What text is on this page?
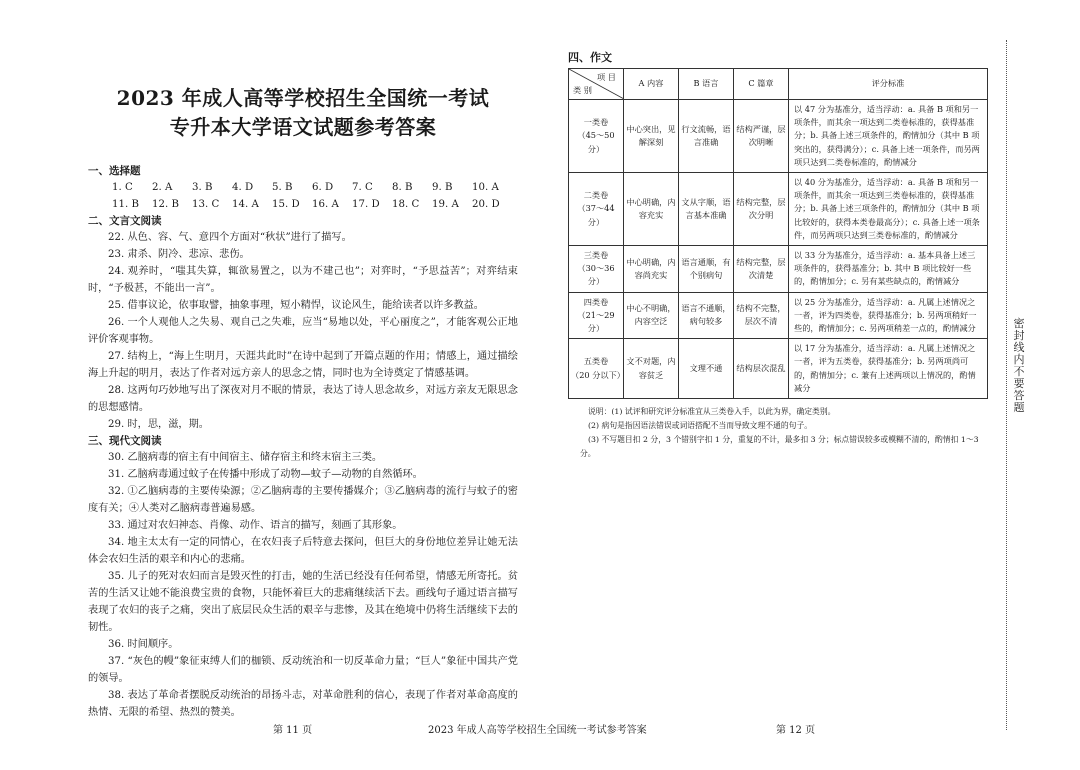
2023 年成人高等学校招生全国统一考试
专升本大学语文试题参考答案
一、选择题
1. C	2. A	3. B	4. D	5. B	6. D	7. C	8. B	9. B	10. A
11. B	12. B	13. C	14. A	15. D	16. A	17. D	18. C	19. A	20. D
二、文言文阅读

22. 从色、容、气、意四个方面对“秋状”进行了描写。

23. 肃杀、阴冷、悲凉、悲伤。

24. 观养时，“嗤其失算，辄欲易置之，以为不建己也”；对弈时，“予思益苦”；对弈结束时，“予极甚，不能出一言”。

25. 借事议论，依事取譬，抽象事理，短小精悍，议论风生，能给读者以许多教益。

26. 一个人观他人之失易、观自己之失难，应当“易地以处，平心丽度之”，才能客观公正地评价客观事物。

27. 结构上，“海上生明月，天涯共此时”在诗中起到了开篇点题的作用；情感上，通过描绘海上升起的明月，表达了作者对远方亲人的思念之情，同时也为全诗奠定了情感基调。

28. 这两句巧妙地写出了深夜对月不眠的情景，表达了诗人思念故乡，对远方亲友无限思念的思想感情。

29. 时，思，滋，期。

三、现代文阅读

30. 乙脑病毒的宿主有中间宿主、储存宿主和终末宿主三类。

31. 乙脑病毒通过蚊子在传播中形成了动物—蚊子—动物的自然循环。

32. ①乙脑病毒的主要传染源；②乙脑病毒的主要传播媒介；③乙脑病毒的流行与蚊子的密度有关；④人类对乙脑病毒普遍易感。

33. 通过对农妇神态、肖像、动作、语言的描写，刻画了其形象。

34. 地主太太有一定的同情心，在农妇丧子后特意去探问，但巨大的身份地位差异让她无法体会农妇生活的艰辛和内心的悲痛。

35. 儿子的死对农妇而言是毁灭性的打击，她的生活已经没有任何希望，情感无所寄托。贫苦的生活又让她不能浪费宝贵的食物，只能怀着巨大的悲痛继续活下去。画线句子通过语言描写表现了农妇的丧子之痛，突出了底层民众生活的艰辛与悲惨，及其在绝境中仍将生活继续下去的韧性。

36. 时间顺序。

37. “灰色的幔”象征束缚人们的枷锁、反动统治和一切反革命力量；“巨人”象征中国共产党的领导。

38. 表达了革命者摆脱反动统治的昂扬斗志，对革命胜利的信心，表现了作者对革命高度的热情、无限的希望、热烈的赞美。

四、作文
项 目
类 别	A 内容	B 语言	C 篇章	评分标准
一类卷
（45～50 分）	中心突出，见解深刻	行文流畅，语言准确	结构严谨，层次明晰	以 47 分为基准分，适当浮动：a. 具备 B 项和另一项条件，而其余一项达到二类卷标准的，获得基准分；b. 具备上述三项条件的，酌情加分（其中 B 项突出的，获得满分）；c. 具备上述一项条件，而另两项只达到二类卷标准的，酌情减分
二类卷
（37～44 分）	中心明确，内容充实	文从字顺，语言基本准确	结构完整，层次分明	以 40 分为基准分，适当浮动：a. 具备 B 项和另一项条件，而其余一项达到三类卷标准的，获得基准分；b. 具备上述三项条件的，酌情加分（其中 B 项比较好的，获得本类卷最高分）；c. 具备上述一项条件，而另两项只达到三类卷标准的，酌情减分
三类卷
（30～36 分）	中心明确，内容尚充实	语言通顺，有个别病句	结构完整，层次清楚	以 33 分为基准分，适当浮动：a. 基本具备上述三项条件的，获得基准分；b. 其中 B 项比较好一些的，酌情加分；c. 另有某些缺点的，酌情减分
四类卷
（21～29 分）	中心不明确，内容空泛	语言不通顺，病句较多	结构不完整，层次不清	以 25 分为基准分，适当浮动：a. 凡属上述情况之一者，评为四类卷，获得基准分；b. 另两项稍好一些的，酌情加分；c. 另两项稍差一点的，酌情减分
五类卷
（20 分以下）	文不对题，内容贫乏	文理不通	结构层次混乱	以 17 分为基准分，适当浮动：a. 凡属上述情况之一者，评为五类卷，获得基准分；b. 另两项尚可的，酌情加分；c. 兼有上述两项以上情况的，酌情减分
说明：(1) 试评和研究评分标准宜从三类卷入手，以此为界，确定类别。
(2) 病句是指因语法错误或词语搭配不当而导致文理不通的句子。
(3) 不写题目扣 2 分，3 个错别字扣 1 分，重复的不计，最多扣 3 分；标点错误较多或模糊不清的，酌情扣 1～3 分。
第 11 页	2023 年成人高等学校招生全国统一考试参考答案	第 12 页
密封线内不要答题
